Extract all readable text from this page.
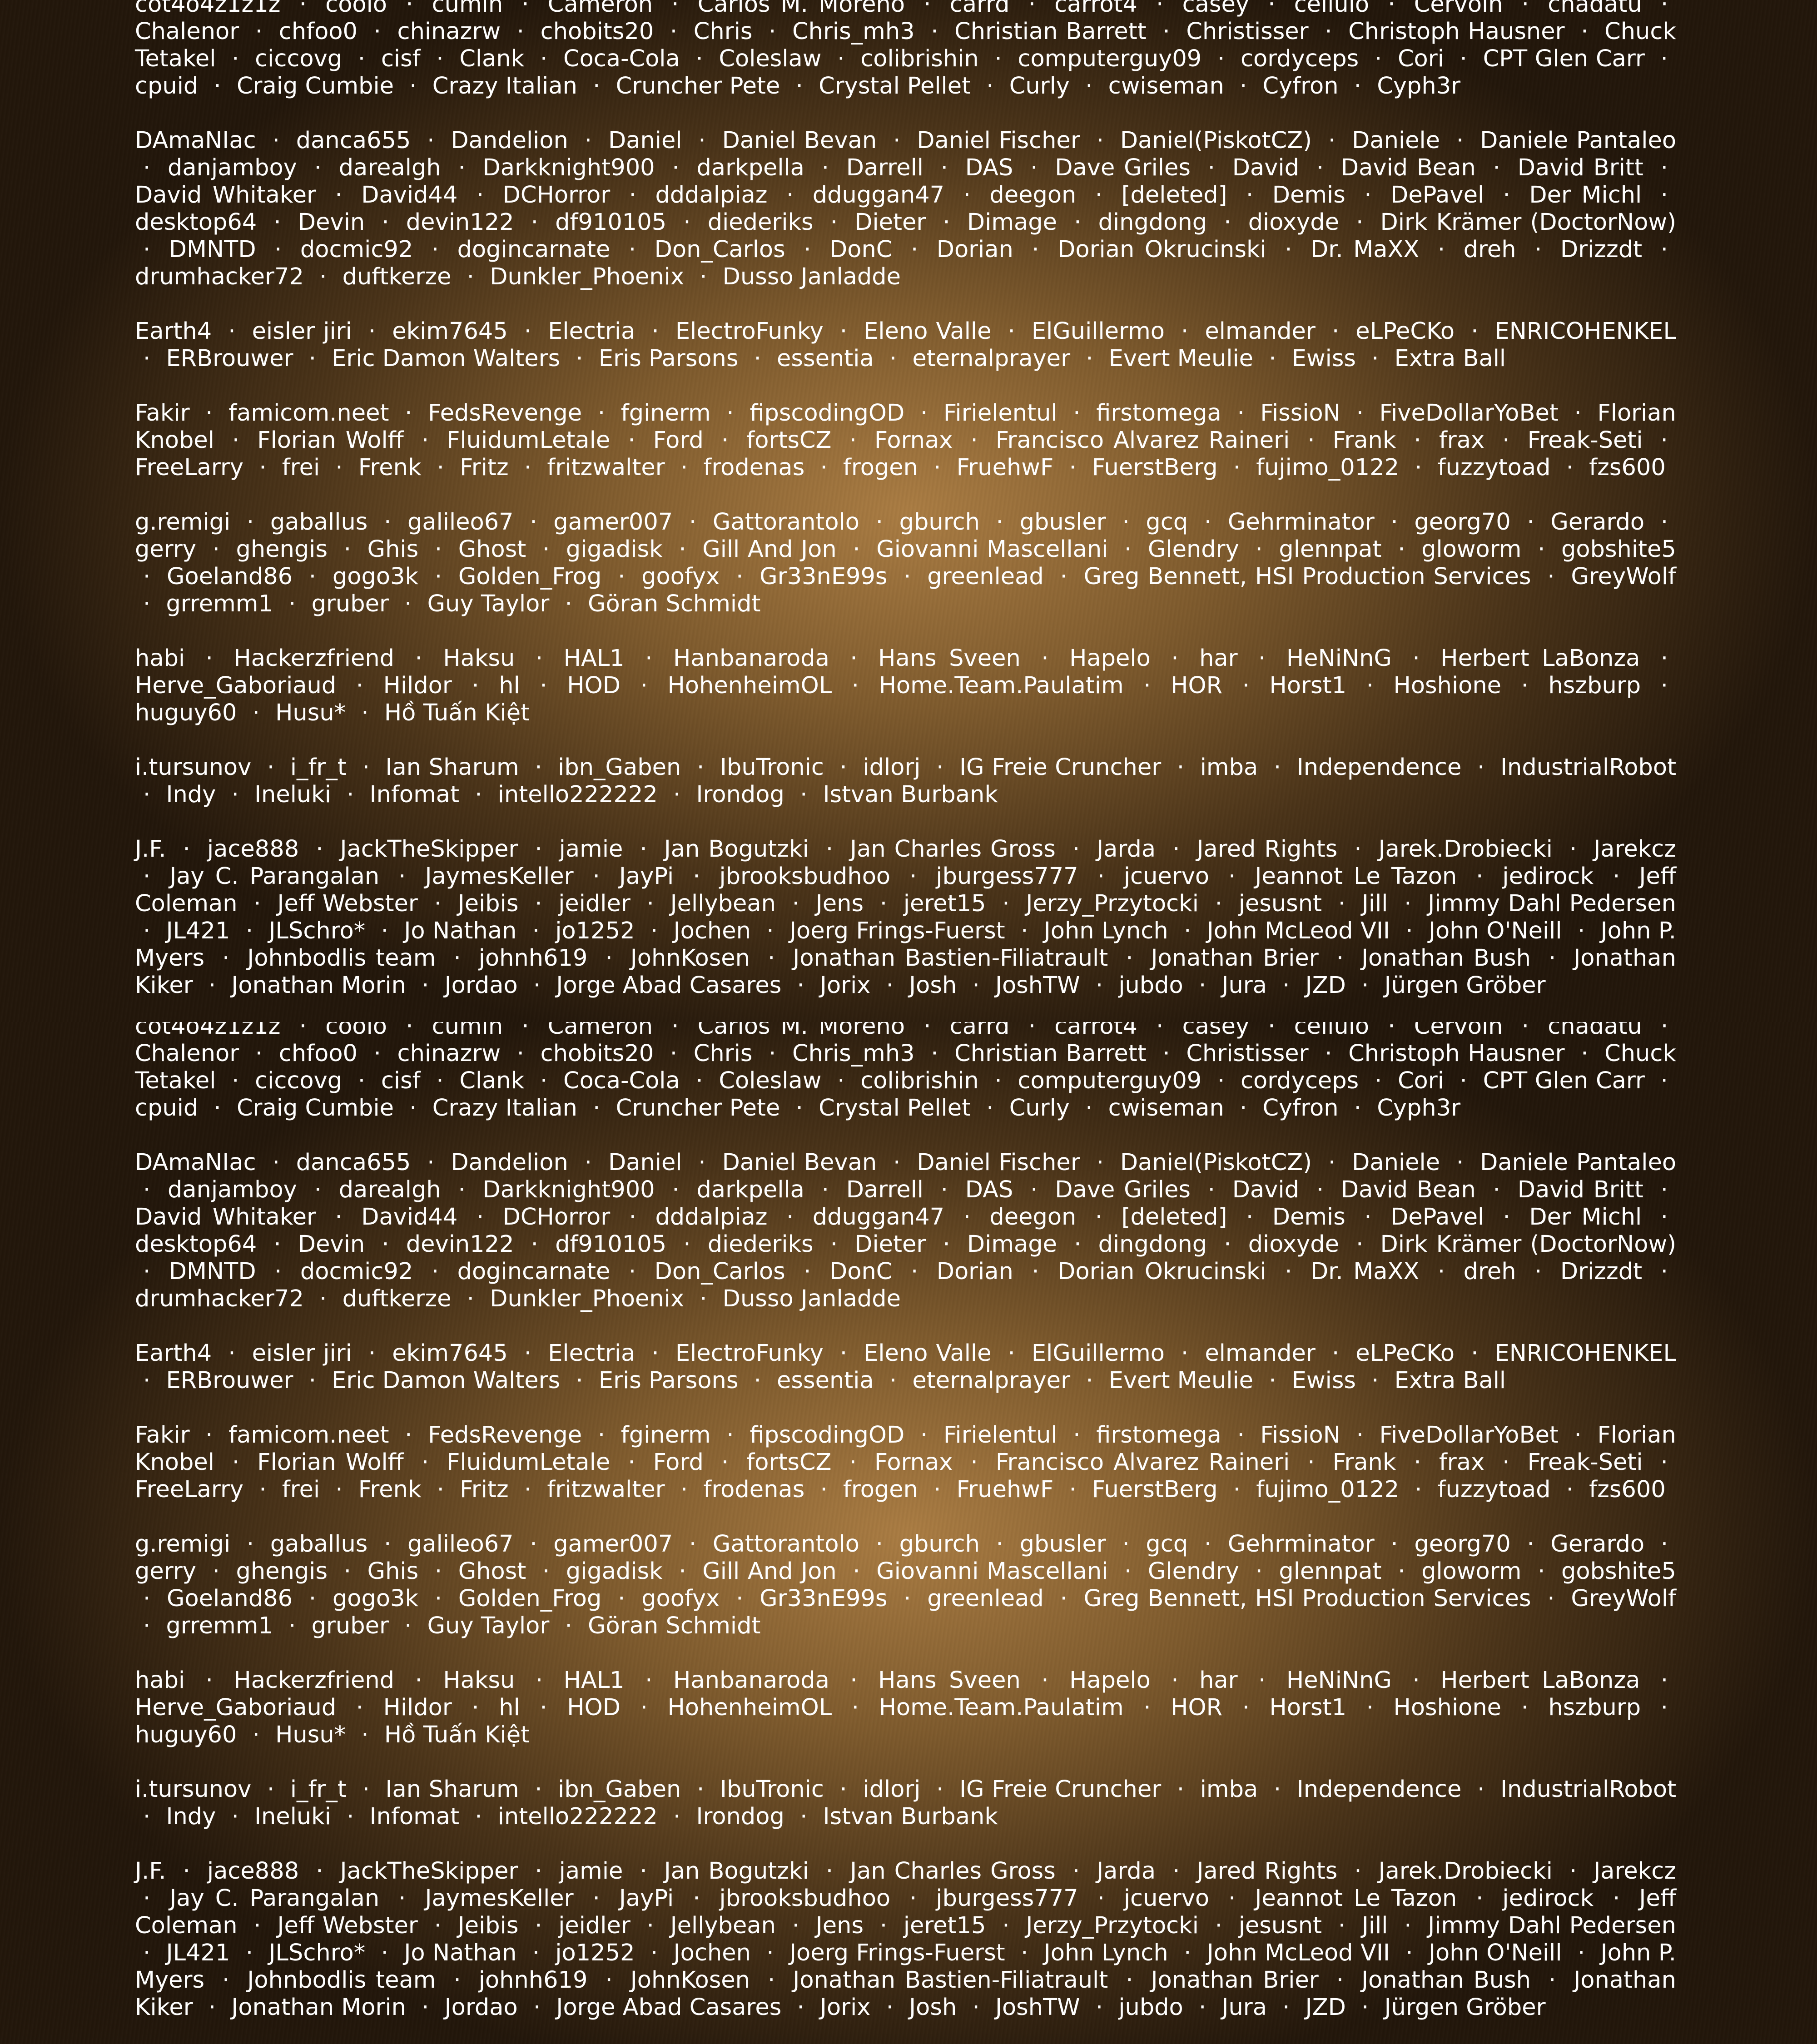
cot4o4z1z1z · coolo · cumin · Cameron · Carlos M. Moreno · carrd · carrot4 · casey · cellulo · Cervoin · chadatu · Chalenor · chfoo0 · chinazrw · chobits20 · Chris · Chris_mh3 · Christian Barrett · Christisser · Christoph Hausner · Chuck Tetakel · ciccovg · cisf · Clank · Coca-Cola · Coleslaw · colibrishin · computerguy09 · cordyceps · Cori · CPT Glen Carr · cpuid · Craig Cumbie · Crazy Italian · Cruncher Pete · Crystal Pellet · Curly · cwiseman · Cyfron · Cyph3r
DAmaNIac · danca655 · Dandelion · Daniel · Daniel Bevan · Daniel Fischer · Daniel(PiskotCZ) · Daniele · Daniele Pantaleo · danjamboy · darealgh · Darkknight900 · darkpella · Darrell · DAS · Dave Griles · David · David Bean · David Britt · David Whitaker · David44 · DCHorror · dddalpiaz · dduggan47 · deegon · [deleted] · Demis · DePavel · Der Michl · desktop64 · Devin · devin122 · df910105 · diederiks · Dieter · Dimage · dingdong · dioxyde · Dirk Krämer (DoctorNow) · DMNTD · docmic92 · dogincarnate · Don_Carlos · DonC · Dorian · Dorian Okrucinski · Dr. MaXX · dreh · Drizzdt · drumhacker72 · duftkerze · Dunkler_Phoenix · Dusso Janladde
Earth4 · eisler jiri · ekim7645 · Electria · ElectroFunky · Eleno Valle · ElGuillermo · elmander · eLPeCKo · ENRICOHENKEL · ERBrouwer · Eric Damon Walters · Eris Parsons · essentia · eternalprayer · Evert Meulie · Ewiss · Extra Ball
Fakir · famicom.neet · FedsRevenge · fginerm · fipscodingOD · Firielentul · firstomega · FissioN · FiveDollarYoBet · Florian Knobel · Florian Wolff · FluidumLetale · Ford · fortsCZ · Fornax · Francisco Alvarez Raineri · Frank · frax · Freak-Seti · FreeLarry · frei · Frenk · Fritz · fritzwalter · frodenas · frogen · FruehwF · FuerstBerg · fujimo_0122 · fuzzytoad · fzs600
g.remigi · gaballus · galileo67 · gamer007 · Gattorantolo · gburch · gbusler · gcq · Gehrminator · georg70 · Gerardo · gerry · ghengis · Ghis · Ghost · gigadisk · Gill And Jon · Giovanni Mascellani · Glendry · glennpat · gloworm · gobshite5 · Goeland86 · gogo3k · Golden_Frog · goofyx · Gr33nE99s · greenlead · Greg Bennett, HSI Production Services · GreyWolf · grremm1 · gruber · Guy Taylor · Göran Schmidt
habi · Hackerzfriend · Haksu · HAL1 · Hanbanaroda · Hans Sveen · Hapelo · har · HeNiNnG · Herbert LaBonza · Herve_Gaboriaud · Hildor · hl · HOD · HohenheimOL · Home.Team.Paulatim · HOR · Horst1 · Hoshione · hszburp · huguy60 · Husu* · Hồ Tuấn Kiệt
i.tursunov · i_fr_t · Ian Sharum · ibn_Gaben · IbuTronic · idlorj · IG Freie Cruncher · imba · Independence · IndustrialRobot · Indy · Ineluki · Infomat · intello222222 · Irondog · Istvan Burbank
J.F. · jace888 · JackTheSkipper · jamie · Jan Bogutzki · Jan Charles Gross · Jarda · Jared Rights · Jarek.Drobiecki · Jarekcz · Jay C. Parangalan · JaymesKeller · JayPi · jbrooksbudhoo · jburgess777 · jcuervo · Jeannot Le Tazon · jedirock · Jeff Coleman · Jeff Webster · Jeibis · jeidler · Jellybean · Jens · jeret15 · Jerzy_Przytocki · jesusnt · Jill · Jimmy Dahl Pedersen · JL421 · JLSchro* · Jo Nathan · jo1252 · Jochen · Joerg Frings-Fuerst · John Lynch · John McLeod VII · John O'Neill · John P. Myers · Johnbodlis team · johnh619 · JohnKosen · Jonathan Bastien-Filiatrault · Jonathan Brier · Jonathan Bush · Jonathan Kiker · Jonathan Morin · Jordao · Jorge Abad Casares · Jorix · Josh · JoshTW · jubdo · Jura · JZD · Jürgen Gröber

cot4o4z1z1z · coolo · cumin · Cameron · Carlos M. Moreno · carrd · carrot4 · casey · cellulo · Cervoin · chadatu · Chalenor · chfoo0 · chinazrw · chobits20 · Chris · Chris_mh3 · Christian Barrett · Christisser · Christoph Hausner · Chuck Tetakel · ciccovg · cisf · Clank · Coca-Cola · Coleslaw · colibrishin · computerguy09 · cordyceps · Cori · CPT Glen Carr · cpuid · Craig Cumbie · Crazy Italian · Cruncher Pete · Crystal Pellet · Curly · cwiseman · Cyfron · Cyph3r
DAmaNIac · danca655 · Dandelion · Daniel · Daniel Bevan · Daniel Fischer · Daniel(PiskotCZ) · Daniele · Daniele Pantaleo · danjamboy · darealgh · Darkknight900 · darkpella · Darrell · DAS · Dave Griles · David · David Bean · David Britt · David Whitaker · David44 · DCHorror · dddalpiaz · dduggan47 · deegon · [deleted] · Demis · DePavel · Der Michl · desktop64 · Devin · devin122 · df910105 · diederiks · Dieter · Dimage · dingdong · dioxyde · Dirk Krämer (DoctorNow) · DMNTD · docmic92 · dogincarnate · Don_Carlos · DonC · Dorian · Dorian Okrucinski · Dr. MaXX · dreh · Drizzdt · drumhacker72 · duftkerze · Dunkler_Phoenix · Dusso Janladde
Earth4 · eisler jiri · ekim7645 · Electria · ElectroFunky · Eleno Valle · ElGuillermo · elmander · eLPeCKo · ENRICOHENKEL · ERBrouwer · Eric Damon Walters · Eris Parsons · essentia · eternalprayer · Evert Meulie · Ewiss · Extra Ball
Fakir · famicom.neet · FedsRevenge · fginerm · fipscodingOD · Firielentul · firstomega · FissioN · FiveDollarYoBet · Florian Knobel · Florian Wolff · FluidumLetale · Ford · fortsCZ · Fornax · Francisco Alvarez Raineri · Frank · frax · Freak-Seti · FreeLarry · frei · Frenk · Fritz · fritzwalter · frodenas · frogen · FruehwF · FuerstBerg · fujimo_0122 · fuzzytoad · fzs600
g.remigi · gaballus · galileo67 · gamer007 · Gattorantolo · gburch · gbusler · gcq · Gehrminator · georg70 · Gerardo · gerry · ghengis · Ghis · Ghost · gigadisk · Gill And Jon · Giovanni Mascellani · Glendry · glennpat · gloworm · gobshite5 · Goeland86 · gogo3k · Golden_Frog · goofyx · Gr33nE99s · greenlead · Greg Bennett, HSI Production Services · GreyWolf · grremm1 · gruber · Guy Taylor · Göran Schmidt
habi · Hackerzfriend · Haksu · HAL1 · Hanbanaroda · Hans Sveen · Hapelo · har · HeNiNnG · Herbert LaBonza · Herve_Gaboriaud · Hildor · hl · HOD · HohenheimOL · Home.Team.Paulatim · HOR · Horst1 · Hoshione · hszburp · huguy60 · Husu* · Hồ Tuấn Kiệt
i.tursunov · i_fr_t · Ian Sharum · ibn_Gaben · IbuTronic · idlorj · IG Freie Cruncher · imba · Independence · IndustrialRobot · Indy · Ineluki · Infomat · intello222222 · Irondog · Istvan Burbank
J.F. · jace888 · JackTheSkipper · jamie · Jan Bogutzki · Jan Charles Gross · Jarda · Jared Rights · Jarek.Drobiecki · Jarekcz · Jay C. Parangalan · JaymesKeller · JayPi · jbrooksbudhoo · jburgess777 · jcuervo · Jeannot Le Tazon · jedirock · Jeff Coleman · Jeff Webster · Jeibis · jeidler · Jellybean · Jens · jeret15 · Jerzy_Przytocki · jesusnt · Jill · Jimmy Dahl Pedersen · JL421 · JLSchro* · Jo Nathan · jo1252 · Jochen · Joerg Frings-Fuerst · John Lynch · John McLeod VII · John O'Neill · John P. Myers · Johnbodlis team · johnh619 · JohnKosen · Jonathan Bastien-Filiatrault · Jonathan Brier · Jonathan Bush · Jonathan Kiker · Jonathan Morin · Jordao · Jorge Abad Casares · Jorix · Josh · JoshTW · jubdo · Jura · JZD · Jürgen Gröber
